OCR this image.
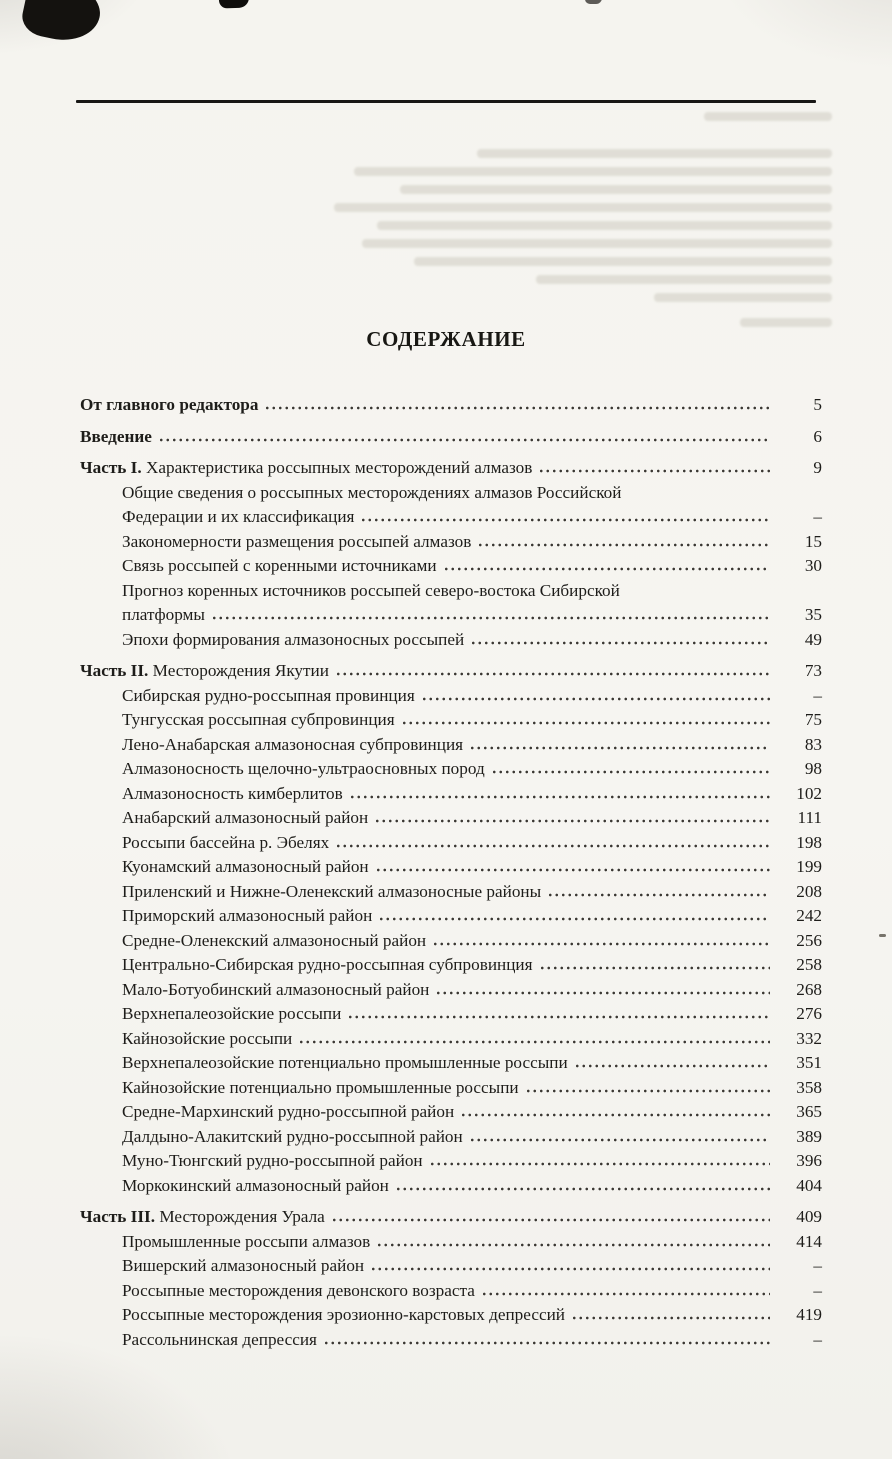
СОДЕРЖАНИЕ
От главного редактора	5
Введение	6
Часть I. Характеристика россыпных месторождений алмазов	9
Общие сведения о россыпных месторождениях алмазов Российской
Федерации и их классификация	–
Закономерности размещения россыпей алмазов	15
Связь россыпей с коренными источниками	30
Прогноз коренных источников россыпей северо-востока Сибирской
платформы	35
Эпохи формирования алмазоносных россыпей	49
Часть II. Месторождения Якутии	73
Сибирская рудно-россыпная провинция	–
Тунгусская россыпная субпровинция	75
Лено-Анабарская алмазоносная субпровинция	83
Алмазоносность щелочно-ультраосновных пород	98
Алмазоносность кимберлитов	102
Анабарский алмазоносный район	111
Россыпи бассейна р. Эбелях	198
Куонамский алмазоносный район	199
Приленский и Нижне-Оленекский алмазоносные районы	208
Приморский алмазоносный район	242
Средне-Оленекский алмазоносный район	256
Центрально-Сибирская рудно-россыпная субпровинция	258
Мало-Ботуобинский алмазоносный район	268
Верхнепалеозойские россыпи	276
Кайнозойские россыпи	332
Верхнепалеозойские потенциально промышленные россыпи	351
Кайнозойские потенциально промышленные россыпи	358
Средне-Мархинский рудно-россыпной район	365
Далдыно-Алакитский рудно-россыпной район	389
Муно-Тюнгский рудно-россыпной район	396
Моркокинский алмазоносный район	404
Часть III. Месторождения Урала	409
Промышленные россыпи алмазов	414
Вишерский алмазоносный район	–
Россыпные месторождения девонского возраста	–
Россыпные месторождения эрозионно-карстовых депрессий	419
Рассольнинская депрессия	–
